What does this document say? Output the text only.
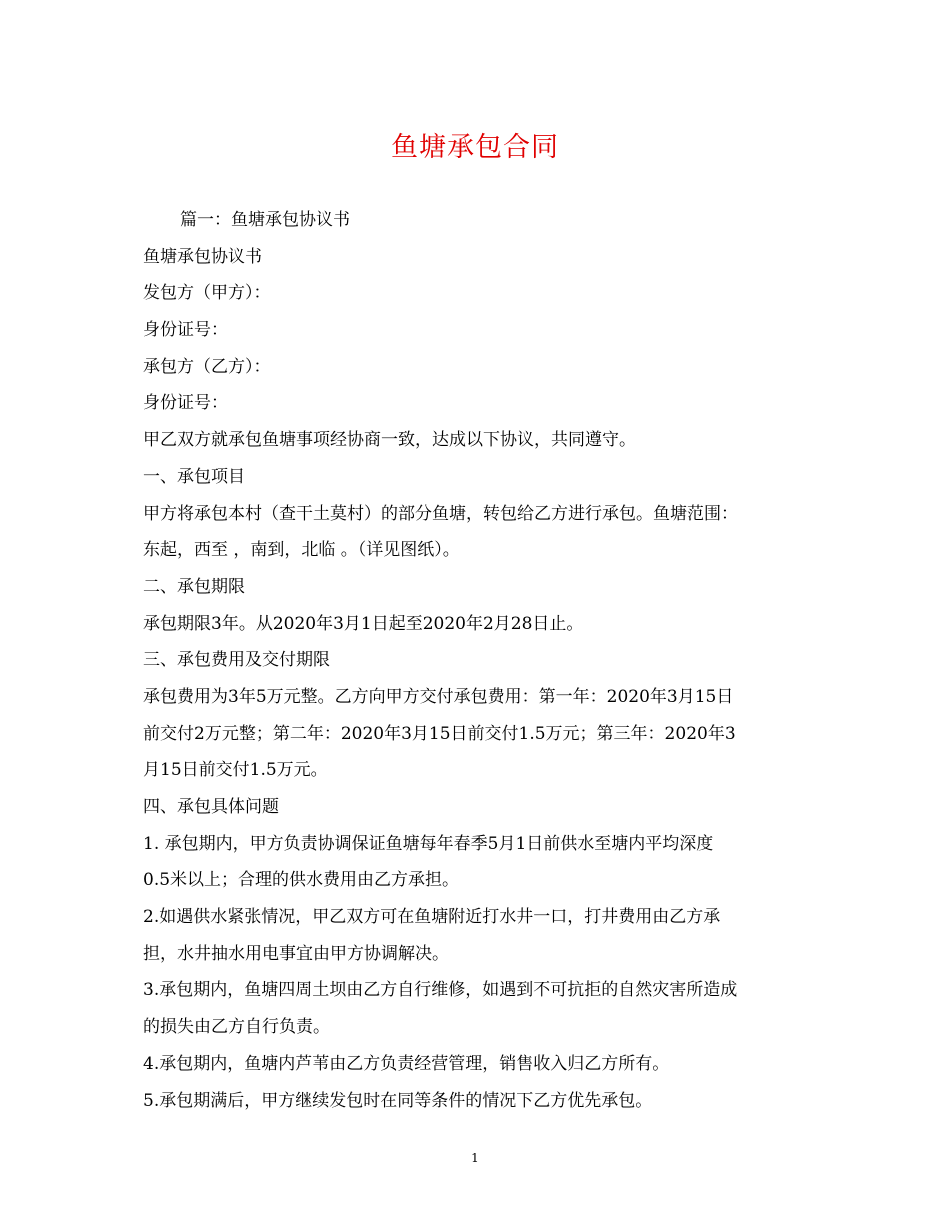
鱼塘承包合同
篇一：鱼塘承包协议书
鱼塘承包协议书
发包方（甲方）：
身份证号：
承包方（乙方）：
身份证号：
甲乙双方就承包鱼塘事项经协商一致，达成以下协议，共同遵守。
一、承包项目
甲方将承包本村（查干土莫村）的部分鱼塘，转包给乙方进行承包。鱼塘范围：
东起，西至 ，南到，北临 。（详见图纸）。
二、承包期限
承包期限3年。从2020年3月1日起至2020年2月28日止。
三、承包费用及交付期限
承包费用为3年5万元整。乙方向甲方交付承包费用：第一年：2020年3月15日
前交付2万元整；第二年：2020年3月15日前交付1.5万元；第三年：2020年3
月15日前交付1.5万元。
四、承包具体问题
1. 承包期内，甲方负责协调保证鱼塘每年春季5月1日前供水至塘内平均深度
0.5米以上；合理的供水费用由乙方承担。
2.如遇供水紧张情况，甲乙双方可在鱼塘附近打水井一口，打井费用由乙方承
担，水井抽水用电事宜由甲方协调解决。
3.承包期内，鱼塘四周土坝由乙方自行维修，如遇到不可抗拒的自然灾害所造成
的损失由乙方自行负责。
4.承包期内，鱼塘内芦苇由乙方负责经营管理，销售收入归乙方所有。
5.承包期满后，甲方继续发包时在同等条件的情况下乙方优先承包。
1
